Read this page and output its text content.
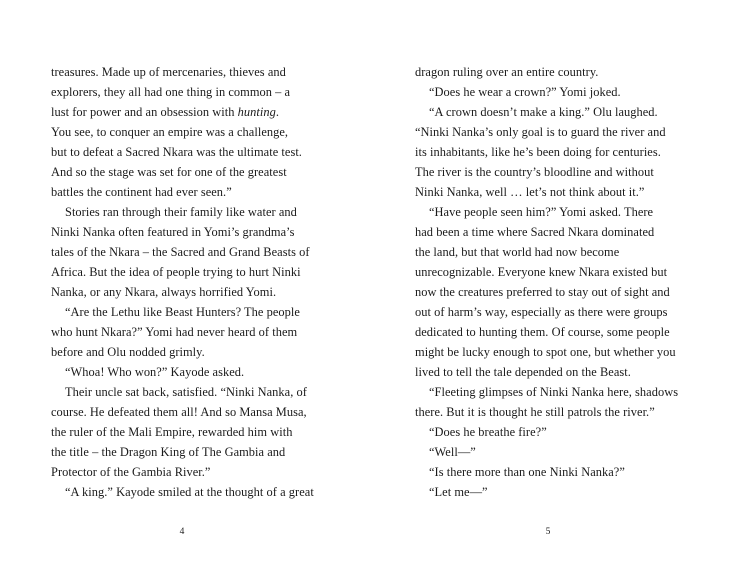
treasures. Made up of mercenaries, thieves and
explorers, they all had one thing in common – a
lust for power and an obsession with hunting.
You see, to conquer an empire was a challenge,
but to defeat a Sacred Nkara was the ultimate test.
And so the stage was set for one of the greatest
battles the continent had ever seen.”
Stories ran through their family like water and
Ninki Nanka often featured in Yomi’s grandma’s
tales of the Nkara – the Sacred and Grand Beasts of
Africa. But the idea of people trying to hurt Ninki
Nanka, or any Nkara, always horrified Yomi.
“Are the Lethu like Beast Hunters? The people
who hunt Nkara?” Yomi had never heard of them
before and Olu nodded grimly.
“Whoa! Who won?” Kayode asked.
Their uncle sat back, satisfied. “Ninki Nanka, of
course. He defeated them all! And so Mansa Musa,
the ruler of the Mali Empire, rewarded him with
the title – the Dragon King of The Gambia and
Protector of the Gambia River.”
“A king.” Kayode smiled at the thought of a great
dragon ruling over an entire country.
“Does he wear a crown?” Yomi joked.
“A crown doesn’t make a king.” Olu laughed.
“Ninki Nanka’s only goal is to guard the river and
its inhabitants, like he’s been doing for centuries.
The river is the country’s bloodline and without
Ninki Nanka, well … let’s not think about it.”
“Have people seen him?” Yomi asked. There
had been a time where Sacred Nkara dominated
the land, but that world had now become
unrecognizable. Everyone knew Nkara existed but
now the creatures preferred to stay out of sight and
out of harm’s way, especially as there were groups
dedicated to hunting them. Of course, some people
might be lucky enough to spot one, but whether you
lived to tell the tale depended on the Beast.
“Fleeting glimpses of Ninki Nanka here, shadows
there. But it is thought he still patrols the river.”
“Does he breathe fire?”
“Well—”
“Is there more than one Ninki Nanka?”
“Let me—”
4	5
